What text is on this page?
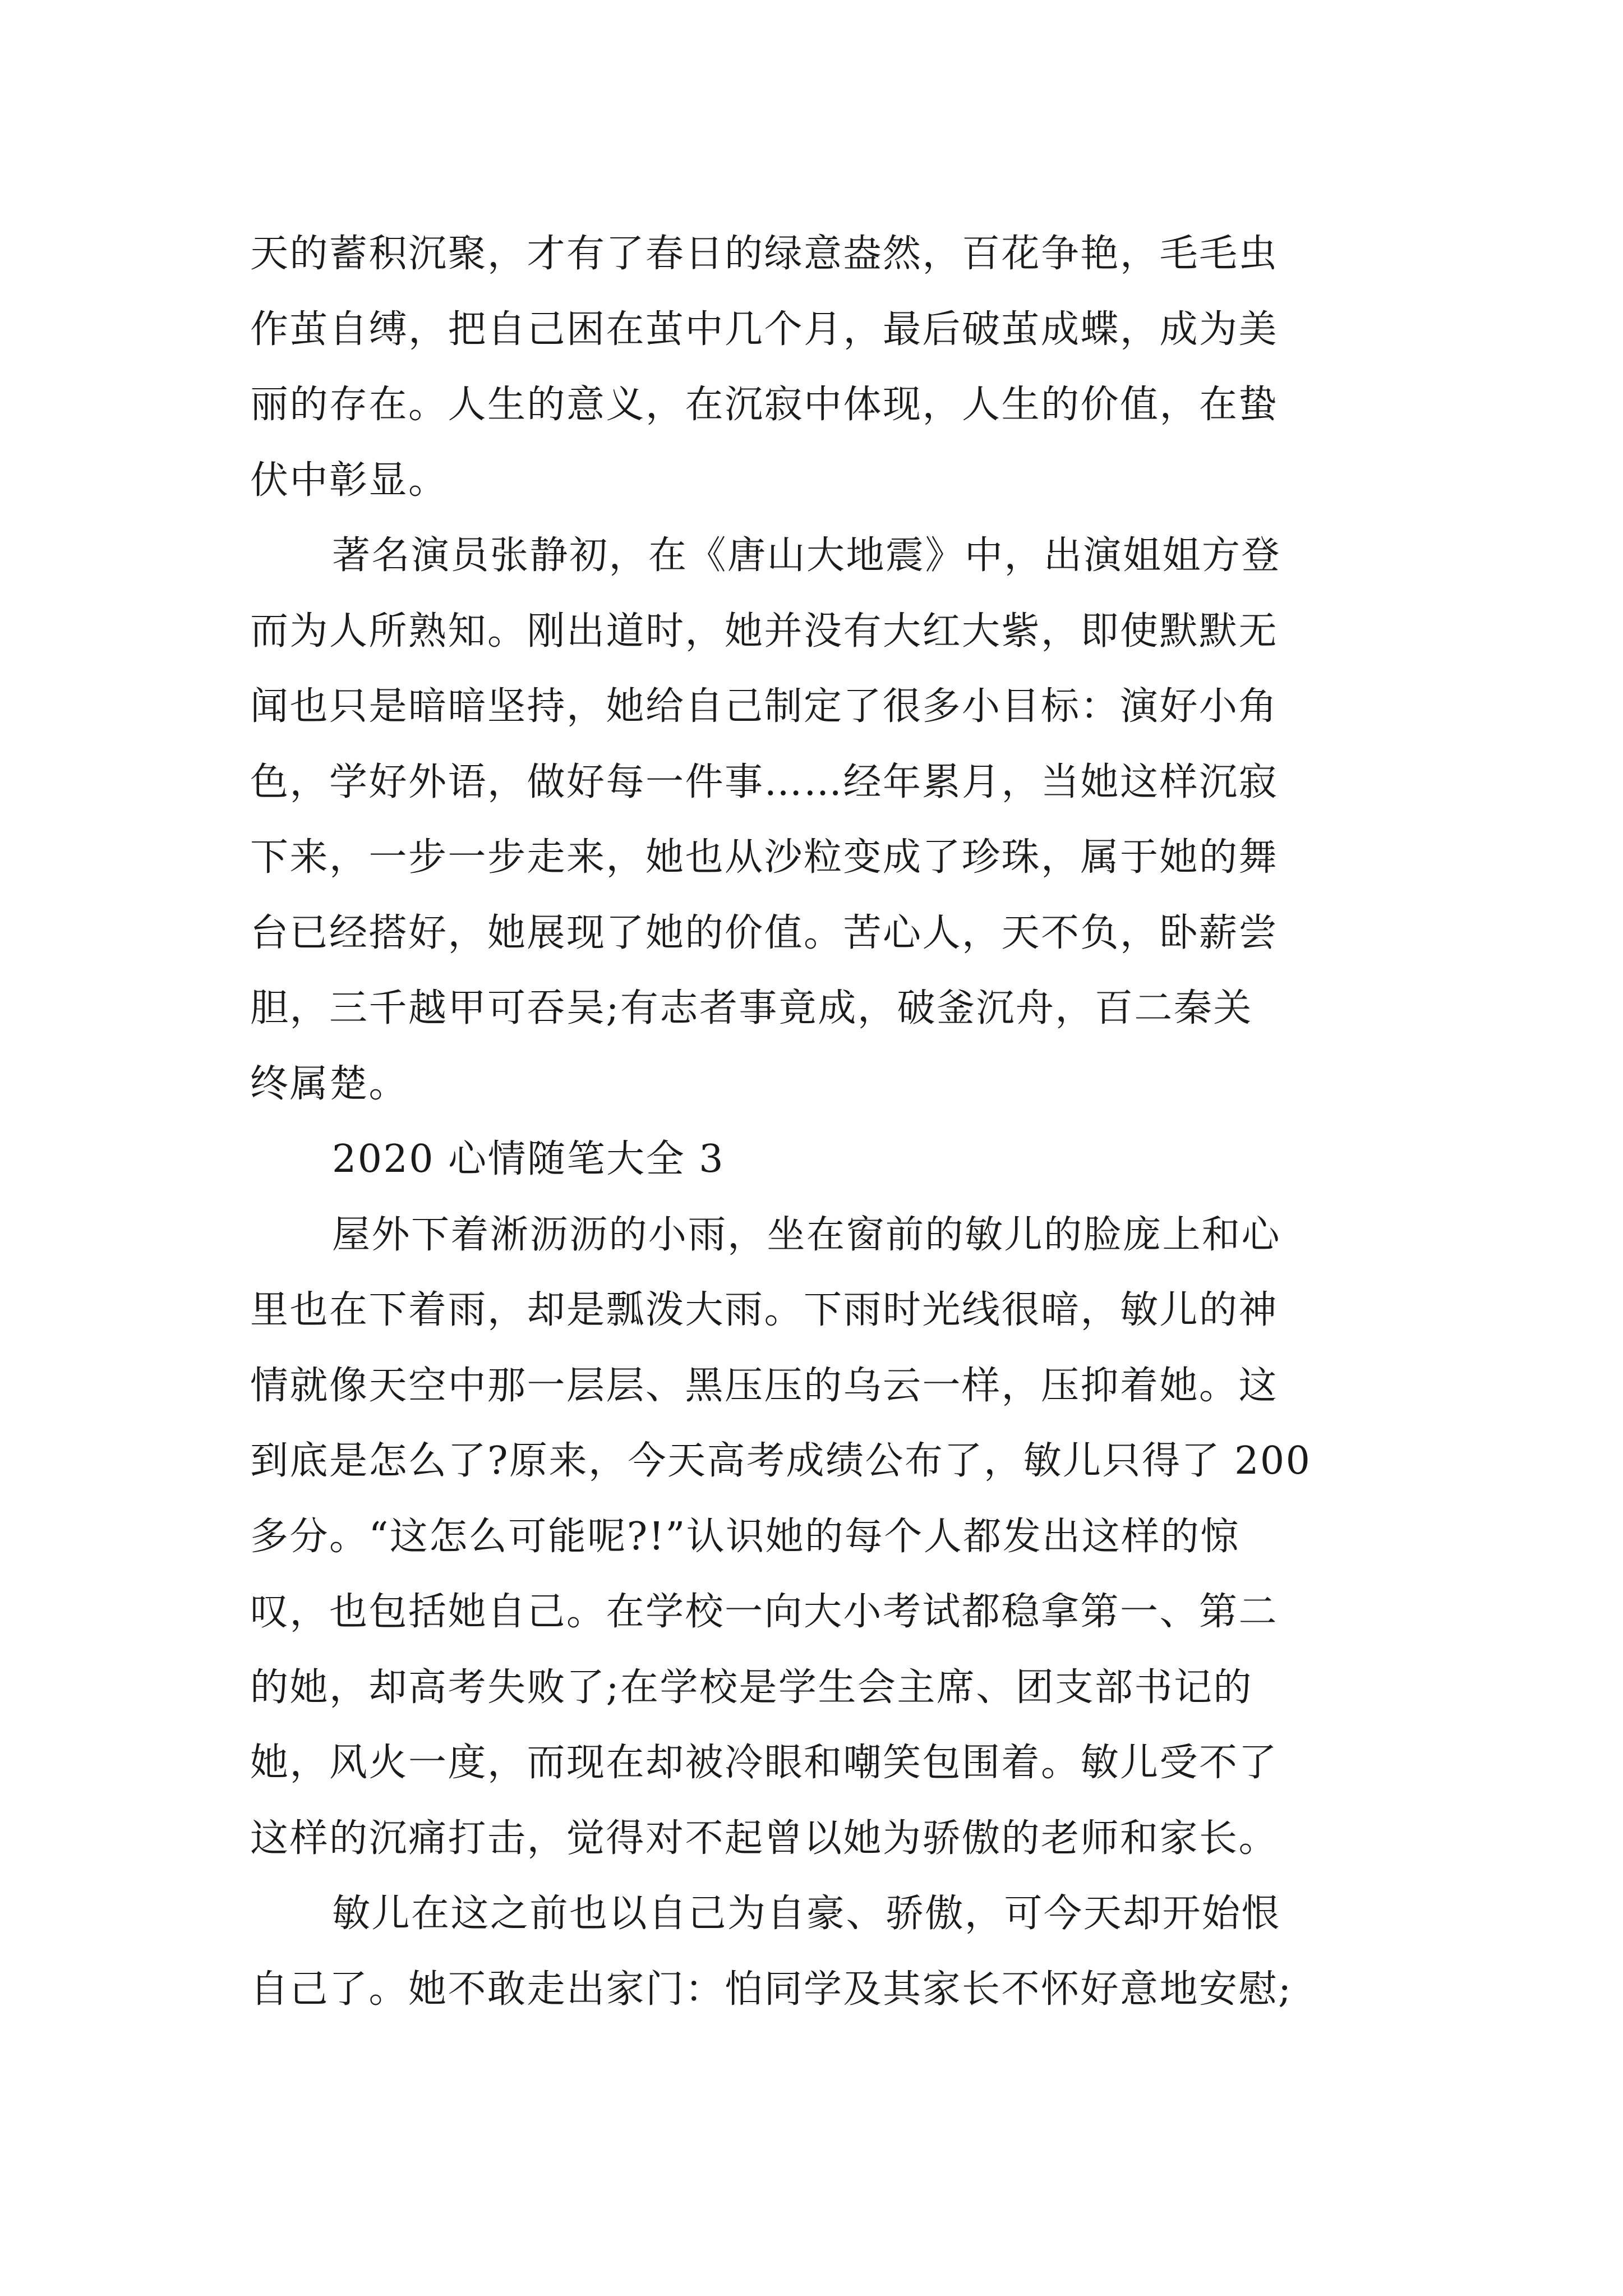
天的蓄积沉聚，才有了春日的绿意盎然，百花争艳，毛毛虫
作茧自缚，把自己困在茧中几个月，最后破茧成蝶，成为美
丽的存在。人生的意义，在沉寂中体现，人生的价值，在蛰
伏中彰显。
著名演员张静初，在《唐山大地震》中，出演姐姐方登
而为人所熟知。刚出道时，她并没有大红大紫，即使默默无
闻也只是暗暗坚持，她给自己制定了很多小目标：演好小角
色，学好外语，做好每一件事……经年累月，当她这样沉寂
下来，一步一步走来，她也从沙粒变成了珍珠，属于她的舞
台已经搭好，她展现了她的价值。苦心人，天不负，卧薪尝
胆，三千越甲可吞吴;有志者事竟成，破釜沉舟，百二秦关
终属楚。
2020 心情随笔大全 3
屋外下着淅沥沥的小雨，坐在窗前的敏儿的脸庞上和心
里也在下着雨，却是瓢泼大雨。下雨时光线很暗，敏儿的神
情就像天空中那一层层、黑压压的乌云一样，压抑着她。这
到底是怎么了?原来，今天高考成绩公布了，敏儿只得了 200
多分。“这怎么可能呢?!”认识她的每个人都发出这样的惊
叹，也包括她自己。在学校一向大小考试都稳拿第一、第二
的她，却高考失败了;在学校是学生会主席、团支部书记的
她，风火一度，而现在却被冷眼和嘲笑包围着。敏儿受不了
这样的沉痛打击，觉得对不起曾以她为骄傲的老师和家长。
敏儿在这之前也以自己为自豪、骄傲，可今天却开始恨
自己了。她不敢走出家门：怕同学及其家长不怀好意地安慰;
